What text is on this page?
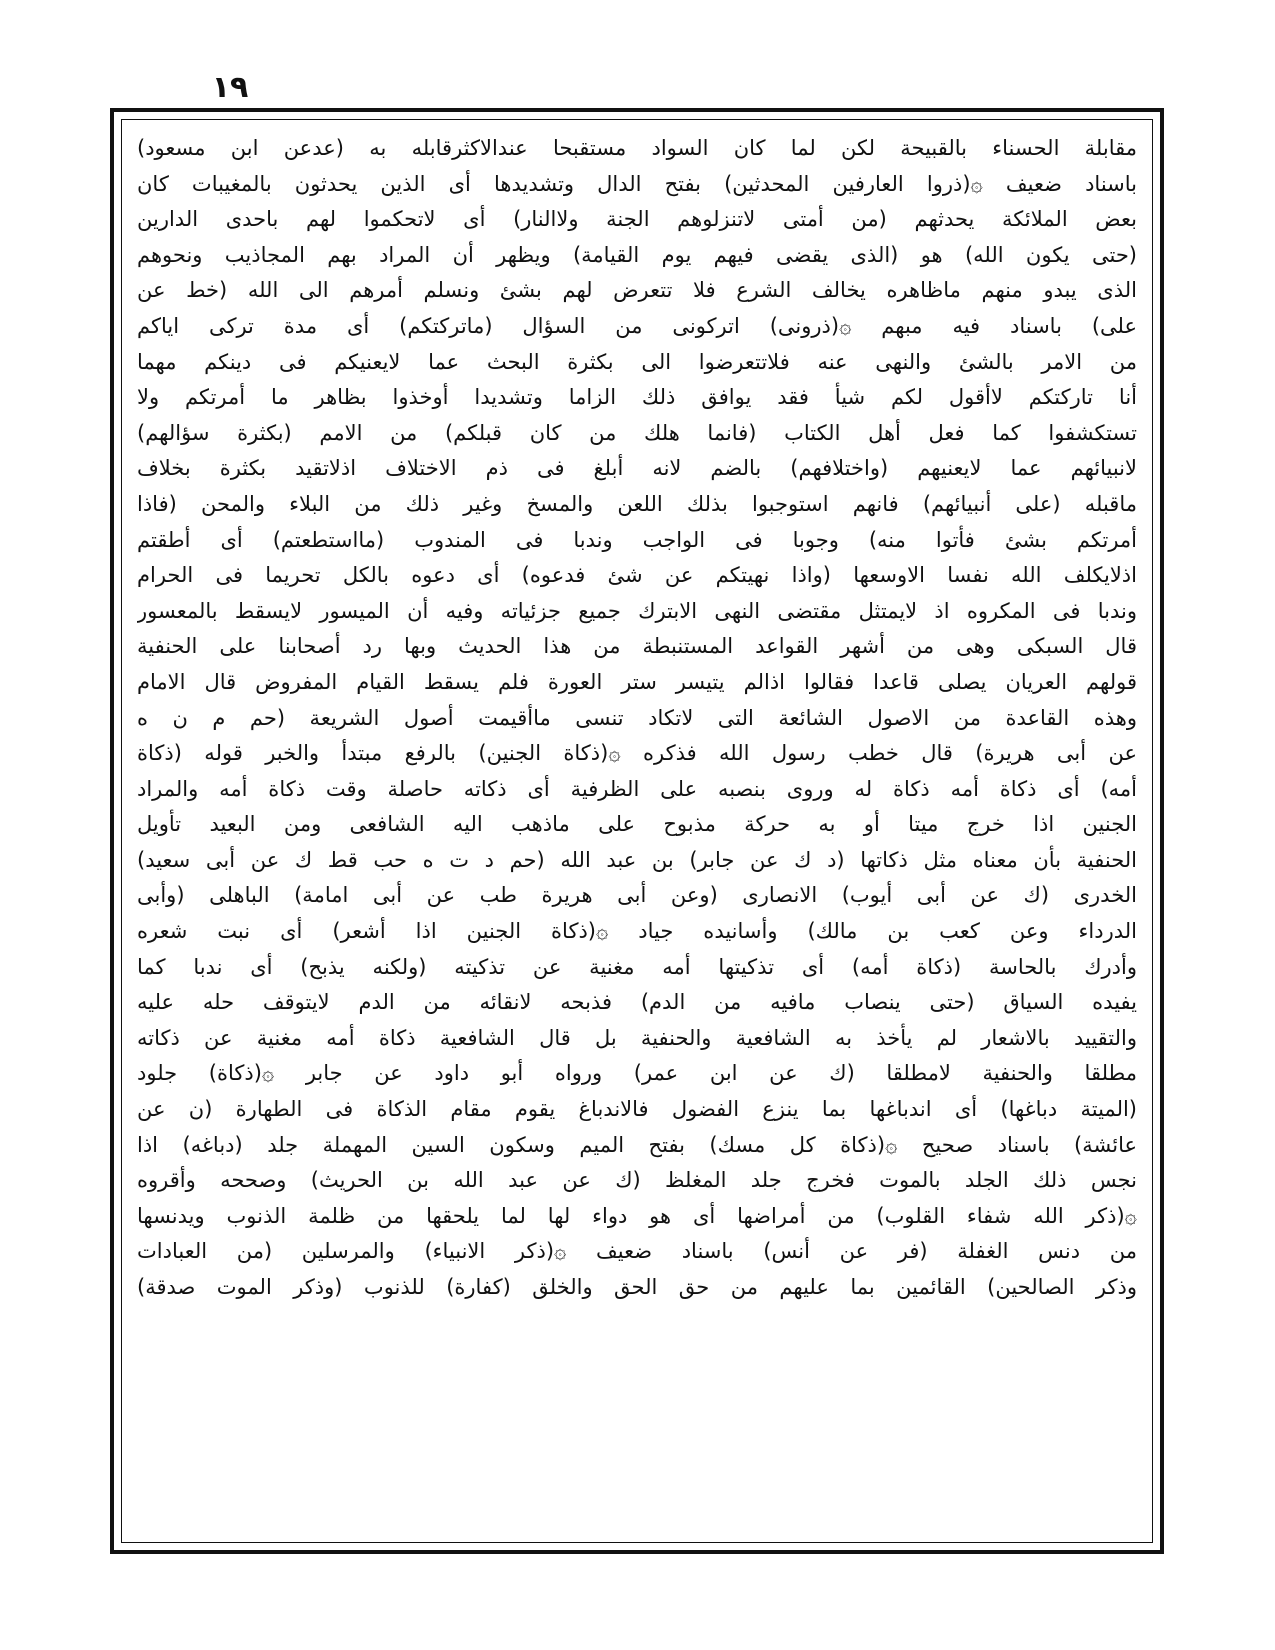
١٩
مقابلة الحسناء بالقبيحة لكن لما كان السواد مستقبحا عندالاكثرقابله به (عدعن ابن مسعود)
باسناد ضعيف ۞(ذروا العارفين المحدثين) بفتح الدال وتشديدها أى الذين يحدثون بالمغيبات كان
بعض الملائكة يحدثهم (من أمتى لاتنزلوهم الجنة ولاالنار) أى لاتحكموا لهم باحدى الدارين
(حتى يكون الله) هو (الذى يقضى فيهم يوم القيامة) ويظهر أن المراد بهم المجاذيب ونحوهم
الذى يبدو منهم ماظاهره يخالف الشرع فلا تتعرض لهم بشئ ونسلم أمرهم الى الله (خط عن
على) باسناد فيه مبهم ۞(ذرونى) اتركونى من السؤال (ماتركتكم) أى مدة تركى اياكم
من الامر بالشئ والنهى عنه فلاتتعرضوا الى بكثرة البحث عما لايعنيكم فى دينكم مهما
أنا تاركتكم لاأقول لكم شيأ فقد يوافق ذلك الزاما وتشديدا أوخذوا بظاهر ما أمرتكم ولا
تستكشفوا كما فعل أهل الكتاب (فانما هلك من كان قبلكم) من الامم (بكثرة سؤالهم)
لانبيائهم عما لايعنيهم (واختلافهم) بالضم لانه أبلغ فى ذم الاختلاف اذلاتقيد بكثرة بخلاف
ماقبله (على أنبيائهم) فانهم استوجبوا بذلك اللعن والمسخ وغير ذلك من البلاء والمحن (فاذا
أمرتكم بشئ فأتوا منه) وجوبا فى الواجب وندبا فى المندوب (مااستطعتم) أى أطقتم
اذلايكلف الله نفسا الاوسعها (واذا نهيتكم عن شئ فدعوه) أى دعوه بالكل تحريما فى الحرام
وندبا فى المكروه اذ لايمتثل مقتضى النهى الابترك جميع جزئياته وفيه أن الميسور لايسقط بالمعسور
قال السبكى وهى من أشهر القواعد المستنبطة من هذا الحديث وبها رد أصحابنا على الحنفية
قولهم العريان يصلى قاعدا فقالوا اذالم يتيسر ستر العورة فلم يسقط القيام المفروض قال الامام
وهذه القاعدة من الاصول الشائعة التى لاتكاد تنسى ماأقيمت أصول الشريعة (حم م ن ه
عن أبى هريرة) قال خطب رسول الله فذكره ۞(ذكاة الجنين) بالرفع مبتدأ والخبر قوله (ذكاة
أمه) أى ذكاة أمه ذكاة له وروى بنصبه على الظرفية أى ذكاته حاصلة وقت ذكاة أمه والمراد
الجنين اذا خرج ميتا أو به حركة مذبوح على ماذهب اليه الشافعى ومن البعيد تأويل
الحنفية بأن معناه مثل ذكاتها (د ك عن جابر) بن عبد الله (حم د ت ه حب قط ك عن أبى سعيد)
الخدرى (ك عن أبى أيوب) الانصارى (وعن أبى هريرة طب عن أبى امامة) الباهلى (وأبى
الدرداء وعن كعب بن مالك) وأسانيده جياد ۞(ذكاة الجنين اذا أشعر) أى نبت شعره
وأدرك بالحاسة (ذكاة أمه) أى تذكيتها أمه مغنية عن تذكيته (ولكنه يذبح) أى ندبا كما
يفيده السياق (حتى ينصاب مافيه من الدم) فذبحه لانقائه من الدم لايتوقف حله عليه
والتقييد بالاشعار لم يأخذ به الشافعية والحنفية بل قال الشافعية ذكاة أمه مغنية عن ذكاته
مطلقا والحنفية لامطلقا (ك عن ابن عمر) ورواه أبو داود عن جابر ۞(ذكاة) جلود
(الميتة دباغها) أى اندباغها بما ينزع الفضول فالاندباغ يقوم مقام الذكاة فى الطهارة (ن عن
عائشة) باسناد صحيح ۞(ذكاة كل مسك) بفتح الميم وسكون السين المهملة جلد (دباغه) اذا
نجس ذلك الجلد بالموت فخرج جلد المغلظ (ك عن عبد الله بن الحريث) وصححه وأقروه
۞(ذكر الله شفاء القلوب) من أمراضها أى هو دواء لها لما يلحقها من ظلمة الذنوب ويدنسها
من دنس الغفلة (فر عن أنس) باسناد ضعيف ۞(ذكر الانبياء) والمرسلين (من العبادات
وذكر الصالحين) القائمين بما عليهم من حق الحق والخلق (كفارة) للذنوب (وذكر الموت صدقة)
